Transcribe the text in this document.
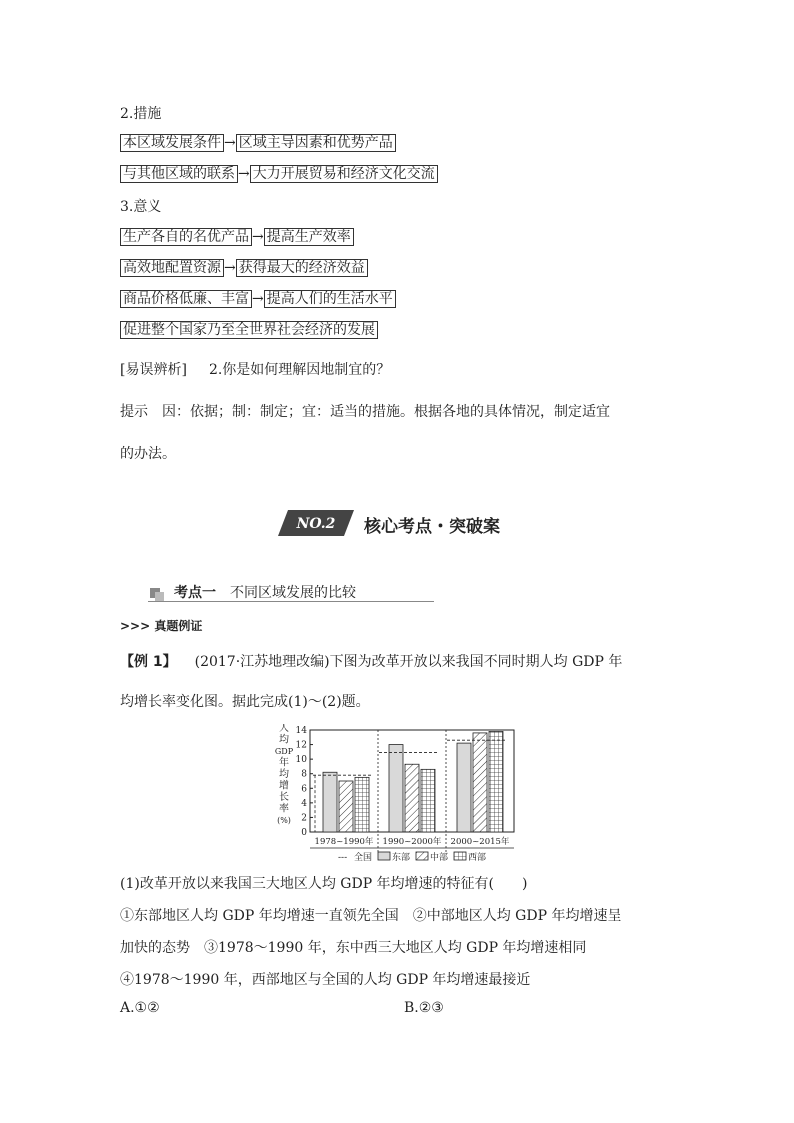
2.措施
本区域发展条件 → 区域主导因素和优势产品
与其他区域的联系 → 大力开展贸易和经济文化交流
3.意义
生产各自的名优产品 → 提高生产效率
高效地配置资源 → 获得最大的经济效益
商品价格低廉、丰富 → 提高人们的生活水平
促进整个国家乃至全世界社会经济的发展
[易误辨析] 2.你是如何理解因地制宜的？
提示 因：依据；制：制定；宜：适当的措施。根据各地的具体情况，制定适宜
的办法。
NO.2 核心考点・突破案
考点一 不同区域发展的比较
>>> 真题例证
【例 1】 (2017·江苏地理改编)下图为改革开放以来我国不同时期人均 GDP 年
均增长率变化图。据此完成(1)～(2)题。
人
均
GDP
年
均
增
长
率
(%)
0
2
4
6
8
10
12
14
1978~1990年 1990~2000年 2000~2015年
--- 全国 东部 中部 西部
(1)改革开放以来我国三大地区人均 GDP 年均增速的特征有(　　)
①东部地区人均 GDP 年均增速一直领先全国　②中部地区人均 GDP 年均增速呈
加快的态势　③1978～1990 年，东中西三大地区人均 GDP 年均增速相同
④1978～1990 年，西部地区与全国的人均 GDP 年均增速最接近
A.①②	B.②③
